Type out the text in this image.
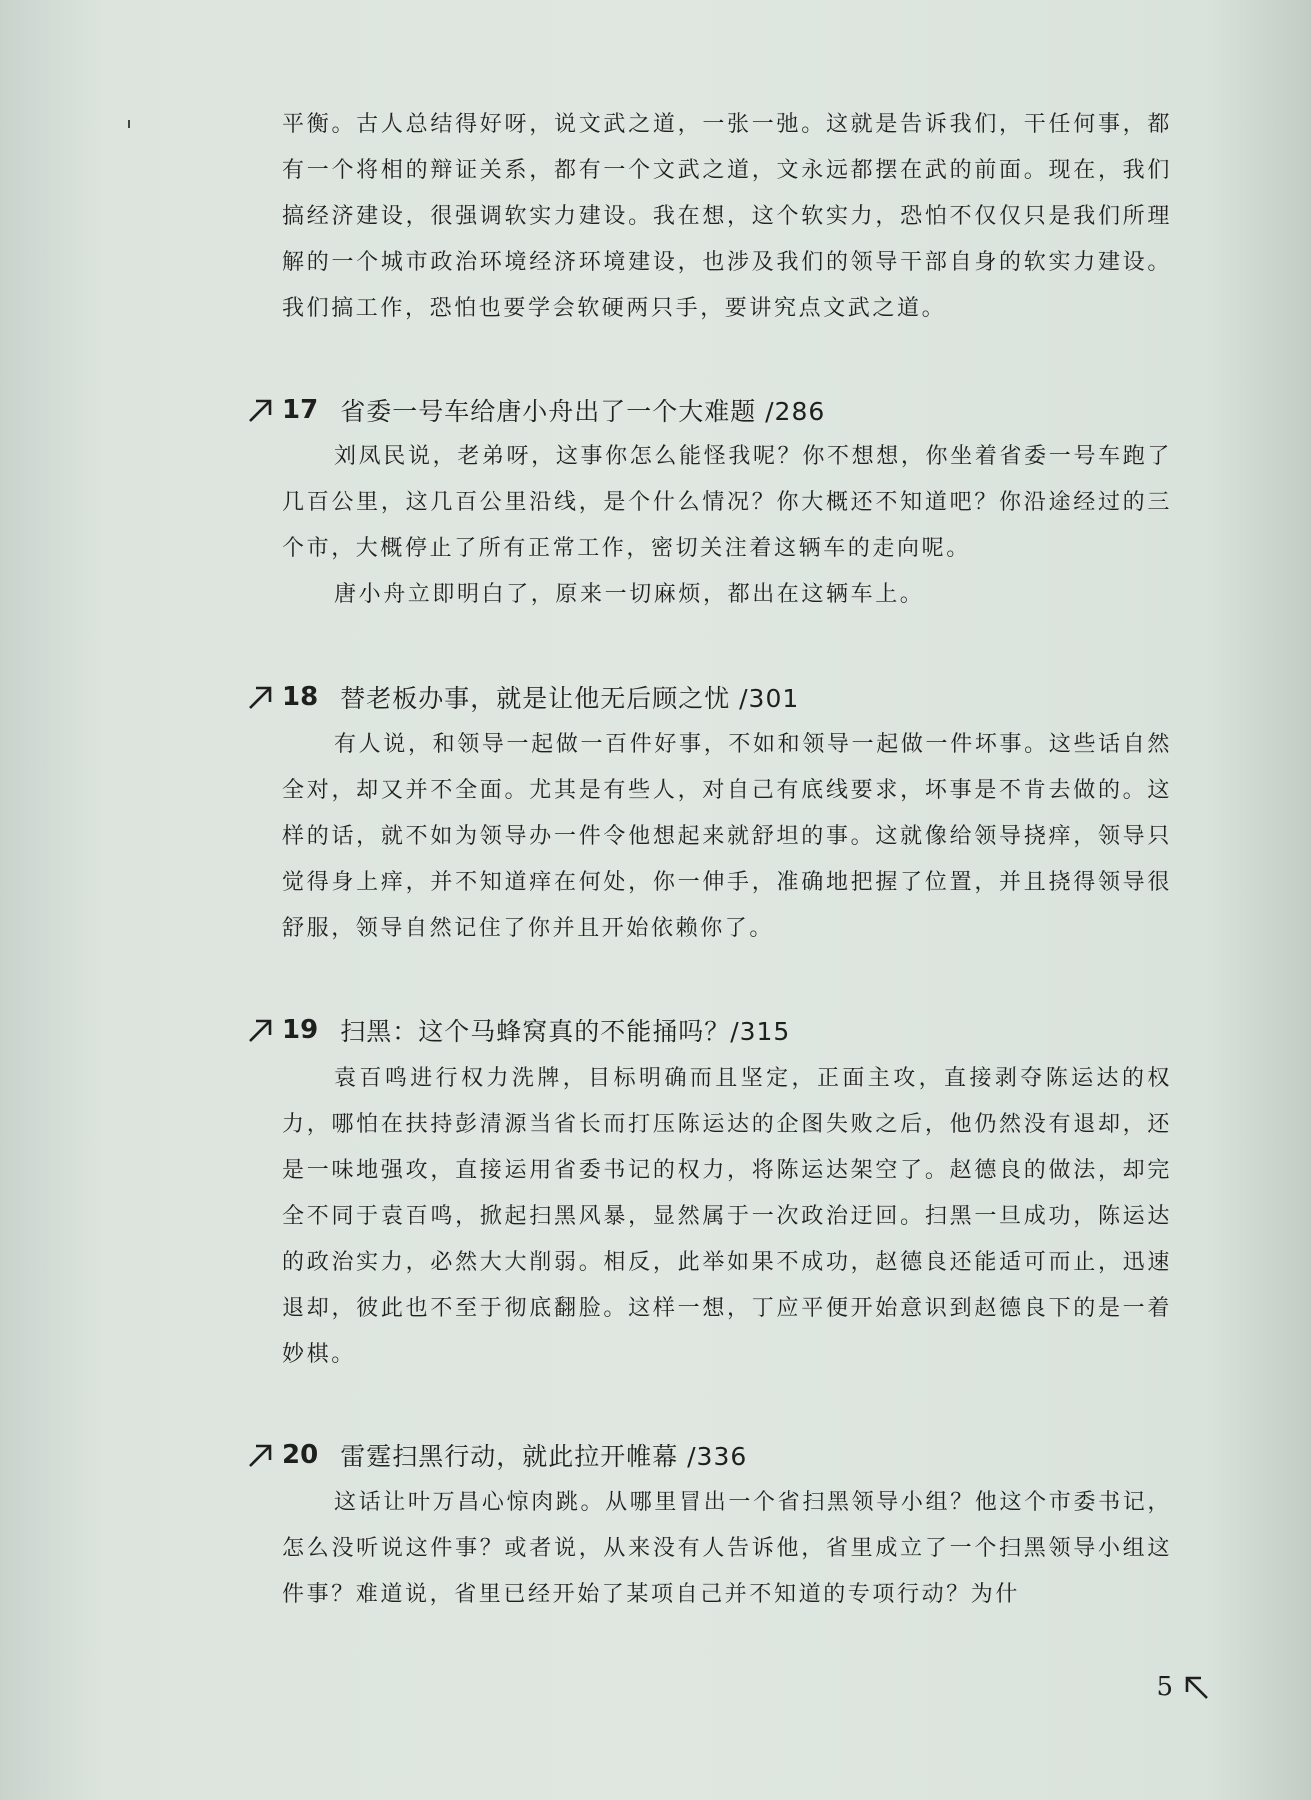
平衡。古人总结得好呀，说文武之道，一张一弛。这就是告诉我们，干任何事，都有一个将相的辩证关系，都有一个文武之道，文永远都摆在武的前面。现在，我们搞经济建设，很强调软实力建设。我在想，这个软实力，恐怕不仅仅只是我们所理解的一个城市政治环境经济环境建设，也涉及我们的领导干部自身的软实力建设。我们搞工作，恐怕也要学会软硬两只手，要讲究点文武之道。

17 省委一号车给唐小舟出了一个大难题 /286

刘凤民说，老弟呀，这事你怎么能怪我呢？你不想想，你坐着省委一号车跑了几百公里，这几百公里沿线，是个什么情况？你大概还不知道吧？你沿途经过的三个市，大概停止了所有正常工作，密切关注着这辆车的走向呢。

唐小舟立即明白了，原来一切麻烦，都出在这辆车上。

18 替老板办事，就是让他无后顾之忧 /301

有人说，和领导一起做一百件好事，不如和领导一起做一件坏事。这些话自然全对，却又并不全面。尤其是有些人，对自己有底线要求，坏事是不肯去做的。这样的话，就不如为领导办一件令他想起来就舒坦的事。这就像给领导挠痒，领导只觉得身上痒，并不知道痒在何处，你一伸手，准确地把握了位置，并且挠得领导很舒服，领导自然记住了你并且开始依赖你了。

19 扫黑：这个马蜂窝真的不能捅吗？/315

袁百鸣进行权力洗牌，目标明确而且坚定，正面主攻，直接剥夺陈运达的权力，哪怕在扶持彭清源当省长而打压陈运达的企图失败之后，他仍然没有退却，还是一味地强攻，直接运用省委书记的权力，将陈运达架空了。赵德良的做法，却完全不同于袁百鸣，掀起扫黑风暴，显然属于一次政治迂回。扫黑一旦成功，陈运达的政治实力，必然大大削弱。相反，此举如果不成功，赵德良还能适可而止，迅速退却，彼此也不至于彻底翻脸。这样一想，丁应平便开始意识到赵德良下的是一着妙棋。

20 雷霆扫黑行动，就此拉开帷幕 /336

这话让叶万昌心惊肉跳。从哪里冒出一个省扫黑领导小组？他这个市委书记，怎么没听说这件事？或者说，从来没有人告诉他，省里成立了一个扫黑领导小组这件事？难道说，省里已经开始了某项自己并不知道的专项行动？为什

5
